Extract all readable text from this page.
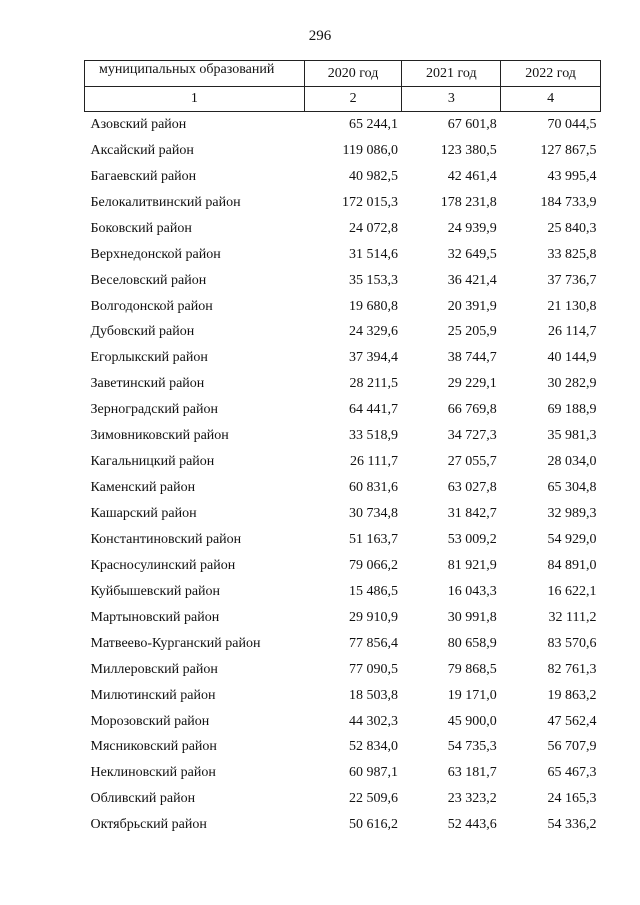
296
муниципальных образований	2020 год	2021 год	2022 год
1	2	3	4
Азовский район	65 244,1	67 601,8	70 044,5
Аксайский район	119 086,0	123 380,5	127 867,5
Багаевский район	40 982,5	42 461,4	43 995,4
Белокалитвинский район	172 015,3	178 231,8	184 733,9
Боковский район	24 072,8	24 939,9	25 840,3
Верхнедонской район	31 514,6	32 649,5	33 825,8
Веселовский район	35 153,3	36 421,4	37 736,7
Волгодонской район	19 680,8	20 391,9	21 130,8
Дубовский район	24 329,6	25 205,9	26 114,7
Егорлыкский район	37 394,4	38 744,7	40 144,9
Заветинский район	28 211,5	29 229,1	30 282,9
Зерноградский район	64 441,7	66 769,8	69 188,9
Зимовниковский район	33 518,9	34 727,3	35 981,3
Кагальницкий район	26 111,7	27 055,7	28 034,0
Каменский район	60 831,6	63 027,8	65 304,8
Кашарский район	30 734,8	31 842,7	32 989,3
Константиновский район	51 163,7	53 009,2	54 929,0
Красносулинский район	79 066,2	81 921,9	84 891,0
Куйбышевский район	15 486,5	16 043,3	16 622,1
Мартыновский район	29 910,9	30 991,8	32 111,2
Матвеево-Курганский район	77 856,4	80 658,9	83 570,6
Миллеровский район	77 090,5	79 868,5	82 761,3
Милютинский район	18 503,8	19 171,0	19 863,2
Морозовский район	44 302,3	45 900,0	47 562,4
Мясниковский район	52 834,0	54 735,3	56 707,9
Неклиновский район	60 987,1	63 181,7	65 467,3
Обливский район	22 509,6	23 323,2	24 165,3
Октябрьский район	50 616,2	52 443,6	54 336,2
